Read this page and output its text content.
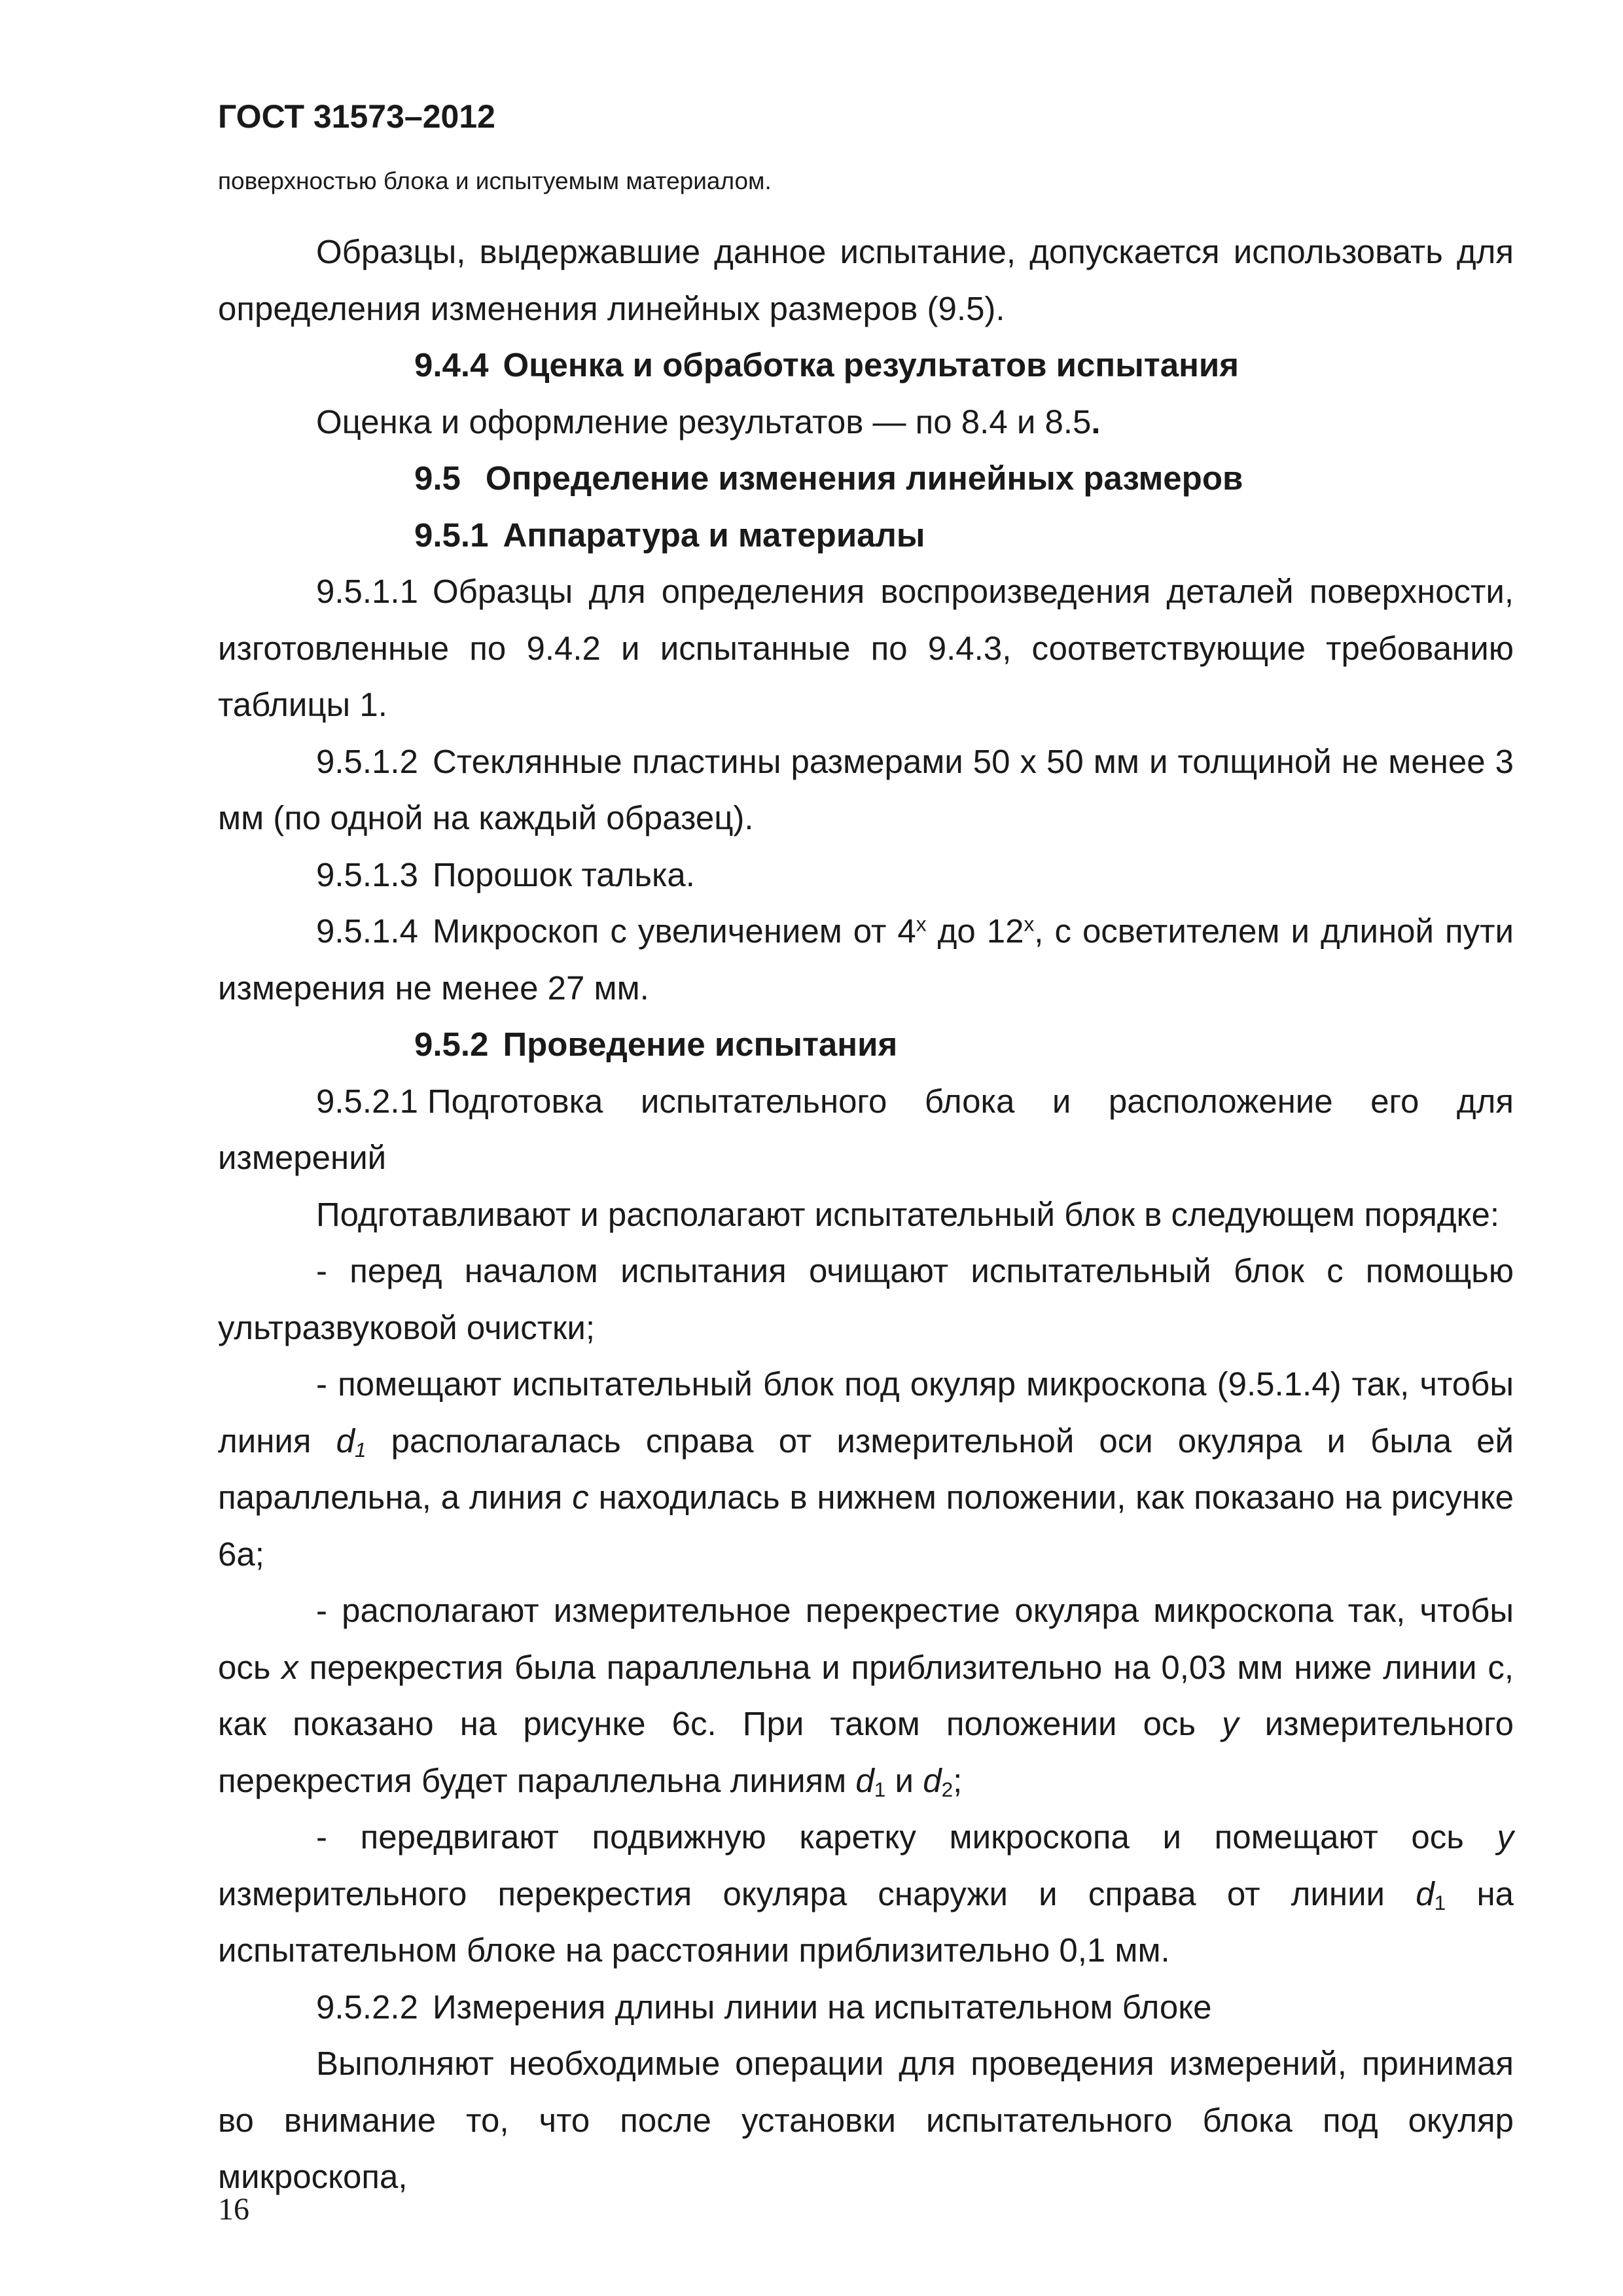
ГОСТ 31573–2012
поверхностью блока и испытуемым материалом.

Образцы, выдержавшие данное испытание, допускается использовать для определения изменения линейных размеров (9.5).

9.4.4 Оценка и обработка результатов испытания

Оценка и оформление результатов — по 8.4 и 8.5.

9.5 Определение изменения линейных размеров

9.5.1 Аппаратура и материалы

9.5.1.1 Образцы для определения воспроизведения деталей поверхности, изготовленные по 9.4.2 и испытанные по 9.4.3, соответствующие требованию таблицы 1.

9.5.1.2 Стеклянные пластины размерами 50 х 50 мм и толщиной не менее 3 мм (по одной на каждый образец).

9.5.1.3 Порошок талька.

9.5.1.4 Микроскоп с увеличением от 4$^x$ до 12$^x$, с осветителем и длиной пути измерения не менее 27 мм.

9.5.2 Проведение испытания

9.5.2.1 Подготовка испытательного блока и расположение его для измерений

Подготавливают и располагают испытательный блок в следующем порядке:

- перед началом испытания очищают испытательный блок с помощью ультразвуковой очистки;

- помещают испытательный блок под окуляр микроскопа (9.5.1.4) так, чтобы линия $d_1$ располагалась справа от измерительной оси окуляра и была ей параллельна, а линия c находилась в нижнем положении, как показано на рисунке 6а;

- располагают измерительное перекрестие окуляра микроскопа так, чтобы ось x перекрестия была параллельна и приблизительно на 0,03 мм ниже линии с, как показано на рисунке 6с. При таком положении ось y измерительного перекрестия будет параллельна линиям $d_1$ и $d_2$;

- передвигают подвижную каретку микроскопа и помещают ось y измерительного перекрестия окуляра снаружи и справа от линии $d_1$ на испытательном блоке на расстоянии приблизительно 0,1 мм.

9.5.2.2 Измерения длины линии на испытательном блоке

Выполняют необходимые операции для проведения измерений, принимая во внимание то, что после установки испытательного блока под окуляр микроскопа,

16
